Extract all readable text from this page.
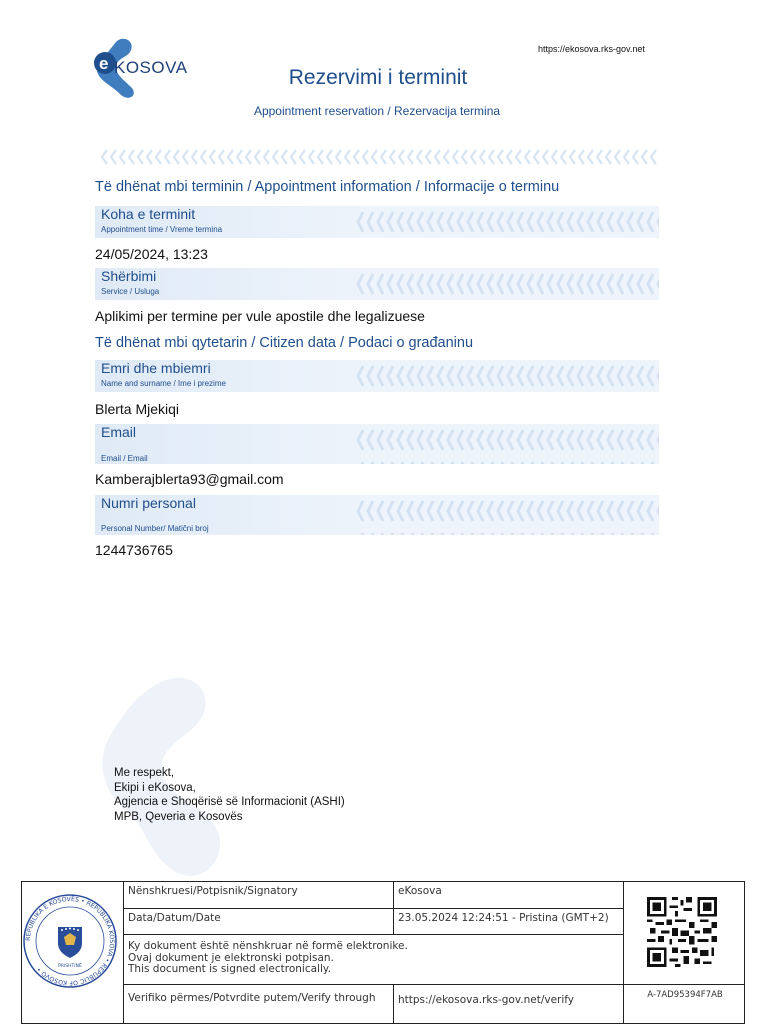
e KOSOVA
https://ekosova.rks-gov.net
Rezervimi i terminit
Appointment reservation / Rezervacija termina
Të dhënat mbi terminin / Appointment information / Informacije o terminu
Koha e terminit
Appointment time / Vreme termina
24/05/2024, 13:23
Shërbimi
Service / Usluga
Aplikimi per termine per vule apostile dhe legalizuese
Të dhënat mbi qytetarin / Citizen data / Podaci o građaninu
Emri dhe mbiemri
Name and surname / Ime i prezime
Blerta Mjekiqi
Email
Email / Email
Kamberajblerta93@gmail.com
Numri personal
Personal Number/ Matični broj
1244736765
Me respekt,
Ekipi i eKosova,
Agjencia e Shoqërisë së Informacionit (ASHI)
MPB, Qeveria e Kosovës
REPUBLIKA E KOSOVËS • REPUBLIKA KOSOVA • REPUBLIC OF KOSOVO •	PRISHTINË
Nënshkruesi/Potpisnik/Signatory	eKosova
Data/Datum/Date	23.05.2024 12:24:51 - Pristina (GMT+2)
Ky dokument është nënshkruar në formë elektronike.
Ovaj dokument je elektronski potpisan.
This document is signed electronically.
Verifiko përmes/Potvrdite putem/Verify through	https://ekosova.rks-gov.net/verify	A-7AD95394F7AB
